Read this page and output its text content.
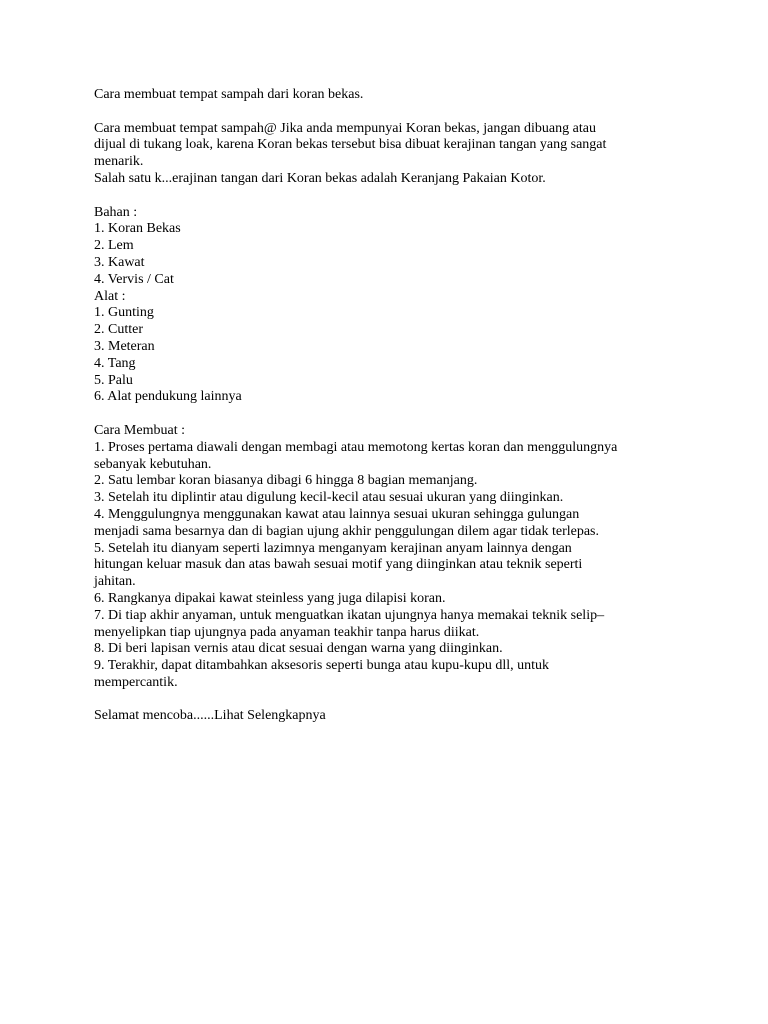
Cara membuat tempat sampah dari koran bekas.

Cara membuat tempat sampah@ Jika anda mempunyai Koran bekas, jangan dibuang atau

dijual di tukang loak, karena Koran bekas tersebut bisa dibuat kerajinan tangan yang sangat

menarik.

Salah satu k...erajinan tangan dari Koran bekas adalah Keranjang Pakaian Kotor.

Bahan :

1. Koran Bekas

2. Lem

3. Kawat

4. Vervis / Cat

Alat :

1. Gunting

2. Cutter

3. Meteran

4. Tang

5. Palu

6. Alat pendukung lainnya

Cara Membuat :

1. Proses pertama diawali dengan membagi atau memotong kertas koran dan menggulungnya

sebanyak kebutuhan.

2. Satu lembar koran biasanya dibagi 6 hingga 8 bagian memanjang.

3. Setelah itu diplintir atau digulung kecil-kecil atau sesuai ukuran yang diinginkan.

4. Menggulungnya menggunakan kawat atau lainnya sesuai ukuran sehingga gulungan

menjadi sama besarnya dan di bagian ujung akhir penggulungan dilem agar tidak terlepas.

5. Setelah itu dianyam seperti lazimnya menganyam kerajinan anyam lainnya dengan

hitungan keluar masuk dan atas bawah sesuai motif yang diinginkan atau teknik seperti

jahitan.

6. Rangkanya dipakai kawat steinless yang juga dilapisi koran.

7. Di tiap akhir anyaman, untuk menguatkan ikatan ujungnya hanya memakai teknik selip–

menyelipkan tiap ujungnya pada anyaman teakhir tanpa harus diikat.

8. Di beri lapisan vernis atau dicat sesuai dengan warna yang diinginkan.

9. Terakhir, dapat ditambahkan aksesoris seperti bunga atau kupu-kupu dll, untuk

mempercantik.

Selamat mencoba......Lihat Selengkapnya
